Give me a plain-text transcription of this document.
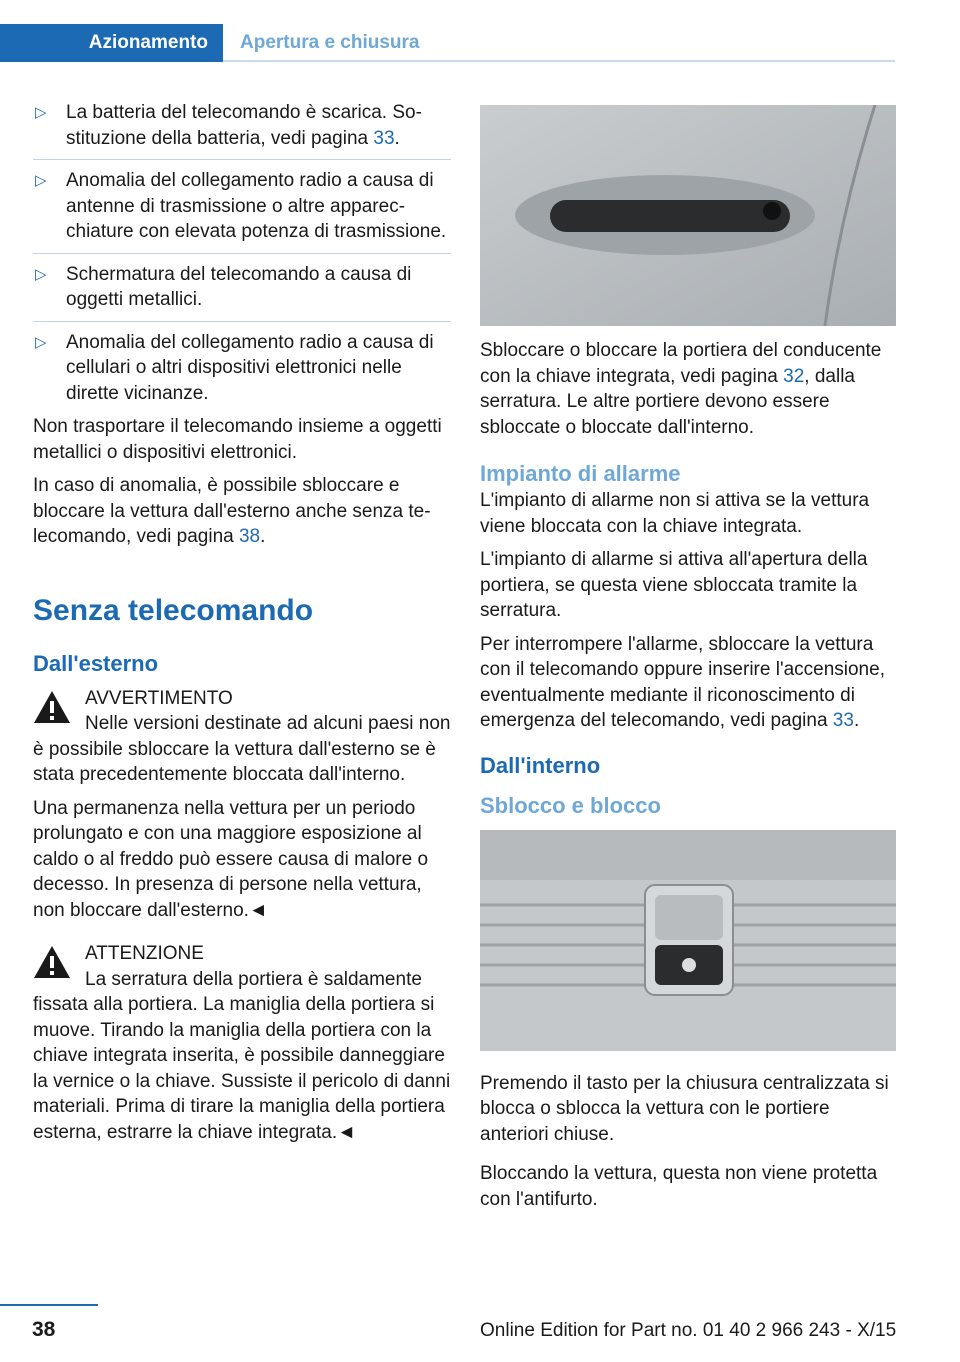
Azionamento Apertura e chiusura
▷ La batteria del telecomando è scarica. Sostituzione della batteria, vedi pagina 33.
▷ Anomalia del collegamento radio a causa di antenne di trasmissione o altre apparecchiature con elevata potenza di trasmissione.
▷ Schermatura del telecomando a causa di oggetti metallici.
▷ Anomalia del collegamento radio a causa di cellulari o altri dispositivi elettronici nelle dirette vicinanze.

Non trasportare il telecomando insieme a oggetti metallici o dispositivi elettronici.

In caso di anomalia, è possibile sbloccare e bloccare la vettura dall'esterno anche senza telecomando, vedi pagina 38.

Senza telecomando
Dall'esterno

AVVERTIMENTO

Nelle versioni destinate ad alcuni paesi non è possibile sbloccare la vettura dall'esterno se è stata precedentemente bloccata dall'interno.

Una permanenza nella vettura per un periodo prolungato e con una maggiore esposizione al caldo o al freddo può essere causa di malore o decesso. In presenza di persone nella vettura, non bloccare dall'esterno.◄

ATTENZIONE

La serratura della portiera è saldamente fissata alla portiera. La maniglia della portiera si muove. Tirando la maniglia della portiera con la chiave integrata inserita, è possibile danneggiare la vernice o la chiave. Sussiste il pericolo di danni materiali. Prima di tirare la maniglia della portiera esterna, estrarre la chiave integrata.◄

Sbloccare o bloccare la portiera del conducente con la chiave integrata, vedi pagina 32, dalla serratura. Le altre portiere devono essere sbloccate o bloccate dall'interno.

Impianto di allarme

L'impianto di allarme non si attiva se la vettura viene bloccata con la chiave integrata.

L'impianto di allarme si attiva all'apertura della portiera, se questa viene sbloccata tramite la serratura.

Per interrompere l'allarme, sbloccare la vettura con il telecomando oppure inserire l'accensione, eventualmente mediante il riconoscimento di emergenza del telecomando, vedi pagina 33.

Dall'interno
Sblocco e blocco

Premendo il tasto per la chiusura centralizzata si blocca o sblocca la vettura con le portiere anteriori chiuse.

Bloccando la vettura, questa non viene protetta con l'antifurto.

38	Online Edition for Part no. 01 40 2 966 243 - X/15
